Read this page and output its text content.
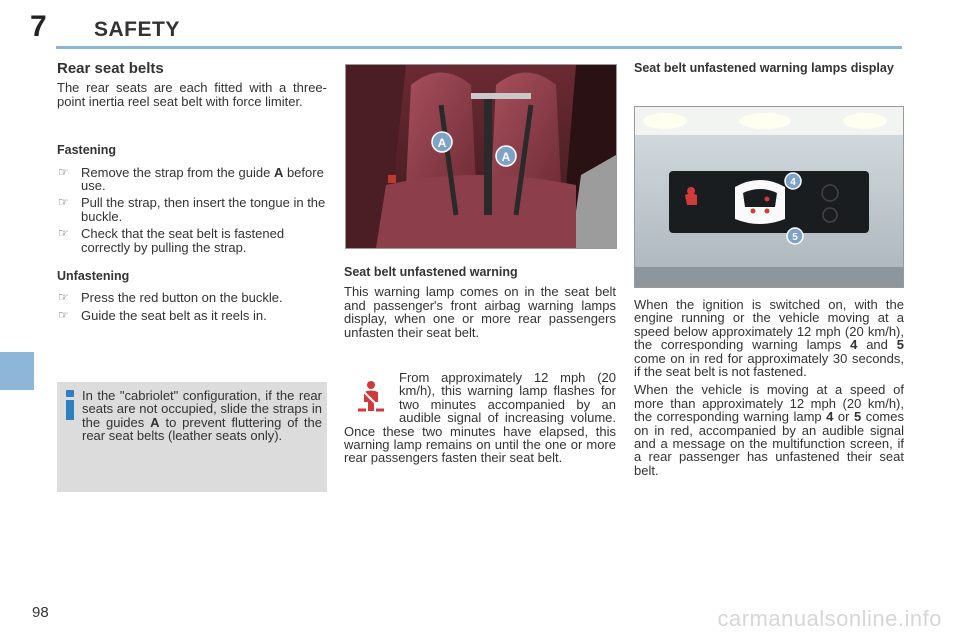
7 SAFETY
Rear seat belts

The rear seats are each fitted with a three-point inertia reel seat belt with force limiter.

Fastening
☞ Remove the strap from the guide A before use.
☞ Pull the strap, then insert the tongue in the buckle.
☞ Check that the seat belt is fastened correctly by pulling the strap.
Unfastening
☞ Press the red button on the buckle.
☞ Guide the seat belt as it reels in.
In the "cabriolet" configuration, if the rear seats are not occupied, slide the straps in the guides A to prevent fluttering of the rear seat belts (leather seats only).
A
A
Seat belt unfastened warning

This warning lamp comes on in the seat belt and passenger's front airbag warning lamps display, when one or more rear passengers unfasten their seat belt.

From approximately 12 mph (20 km/h), this warning lamp flashes for two minutes accompanied by an audible signal of increasing volume. Once these two minutes have elapsed, this warning lamp remains on until the one or more rear passengers fasten their seat belt.
Seat belt unfastened warning lamps display
4
5

When the ignition is switched on, with the engine running or the vehicle moving at a speed below approximately 12 mph (20 km/h), the corresponding warning lamps 4 and 5 come on in red for approximately 30 seconds, if the seat belt is not fastened.

When the vehicle is moving at a speed of more than approximately 12 mph (20 km/h), the corresponding warning lamp 4 or 5 comes on in red, accompanied by an audible signal and a message on the multifunction screen, if a rear passenger has unfastened their seat belt.

98	carmanualsonline.info
